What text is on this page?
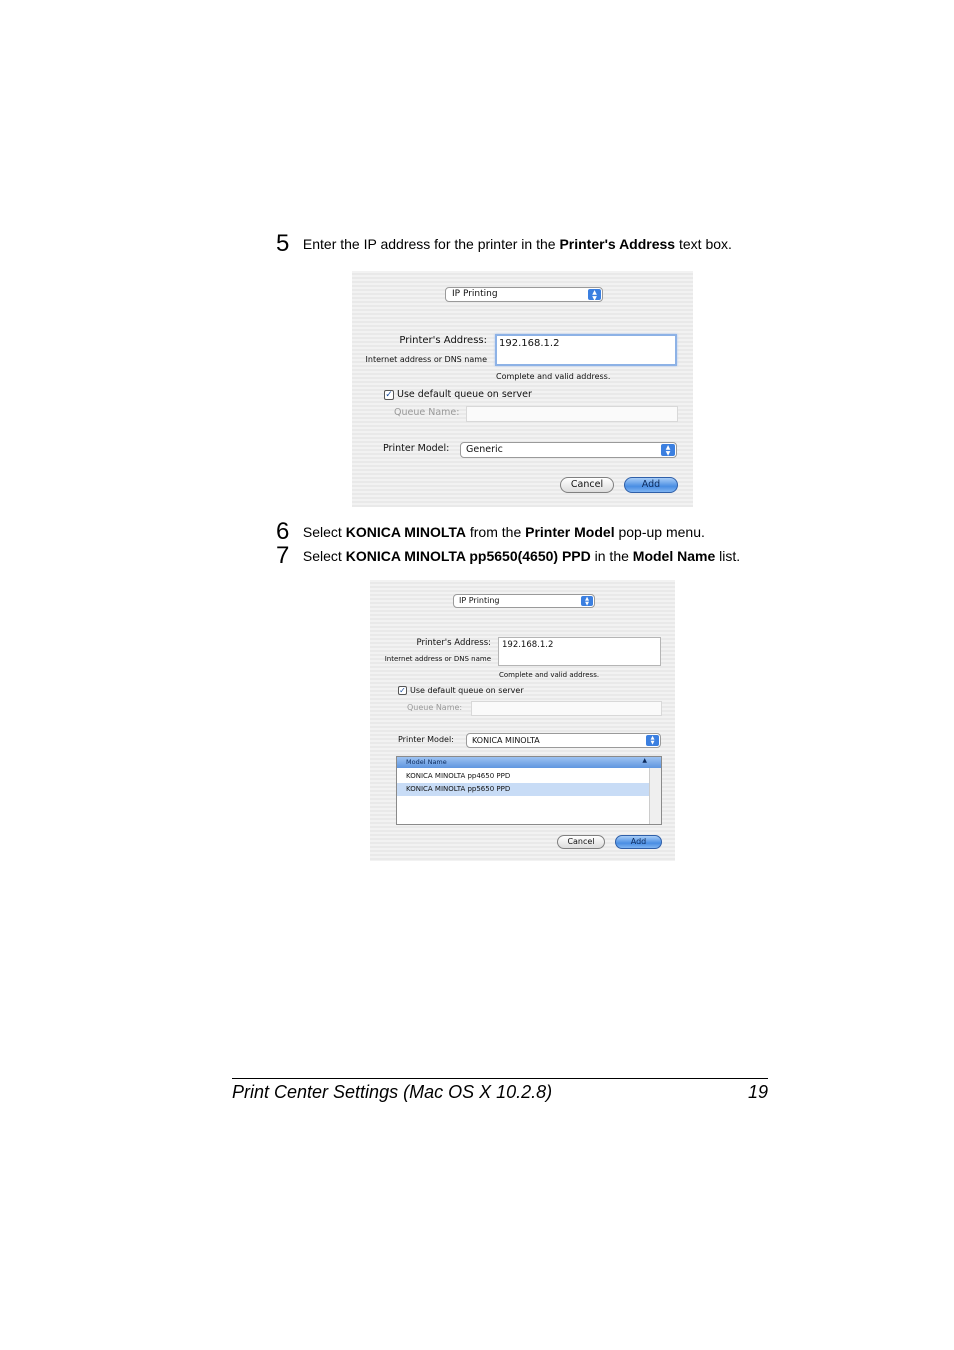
5 Enter the IP address for the printer in the Printer's Address text box.
IP Printing	▲
▼
Printer's Address:
Internet address or DNS name
192.168.1.2
Complete and valid address.
✓ Use default queue on server
Queue Name:
Printer Model: Generic	▲
▼
Cancel	Add
6 Select KONICA MINOLTA from the Printer Model pop-up menu.
7 Select KONICA MINOLTA pp5650(4650) PPD in the Model Name list.
IP Printing	▲
▼
Printer's Address:
Internet address or DNS name
192.168.1.2
Complete and valid address.
✓ Use default queue on server
Queue Name:
Printer Model: KONICA MINOLTA	▲
▼
Model Name	▲
KONICA MINOLTA pp4650 PPD
KONICA MINOLTA pp5650 PPD
Cancel	Add
Print Center Settings (Mac OS X 10.2.8)	19
